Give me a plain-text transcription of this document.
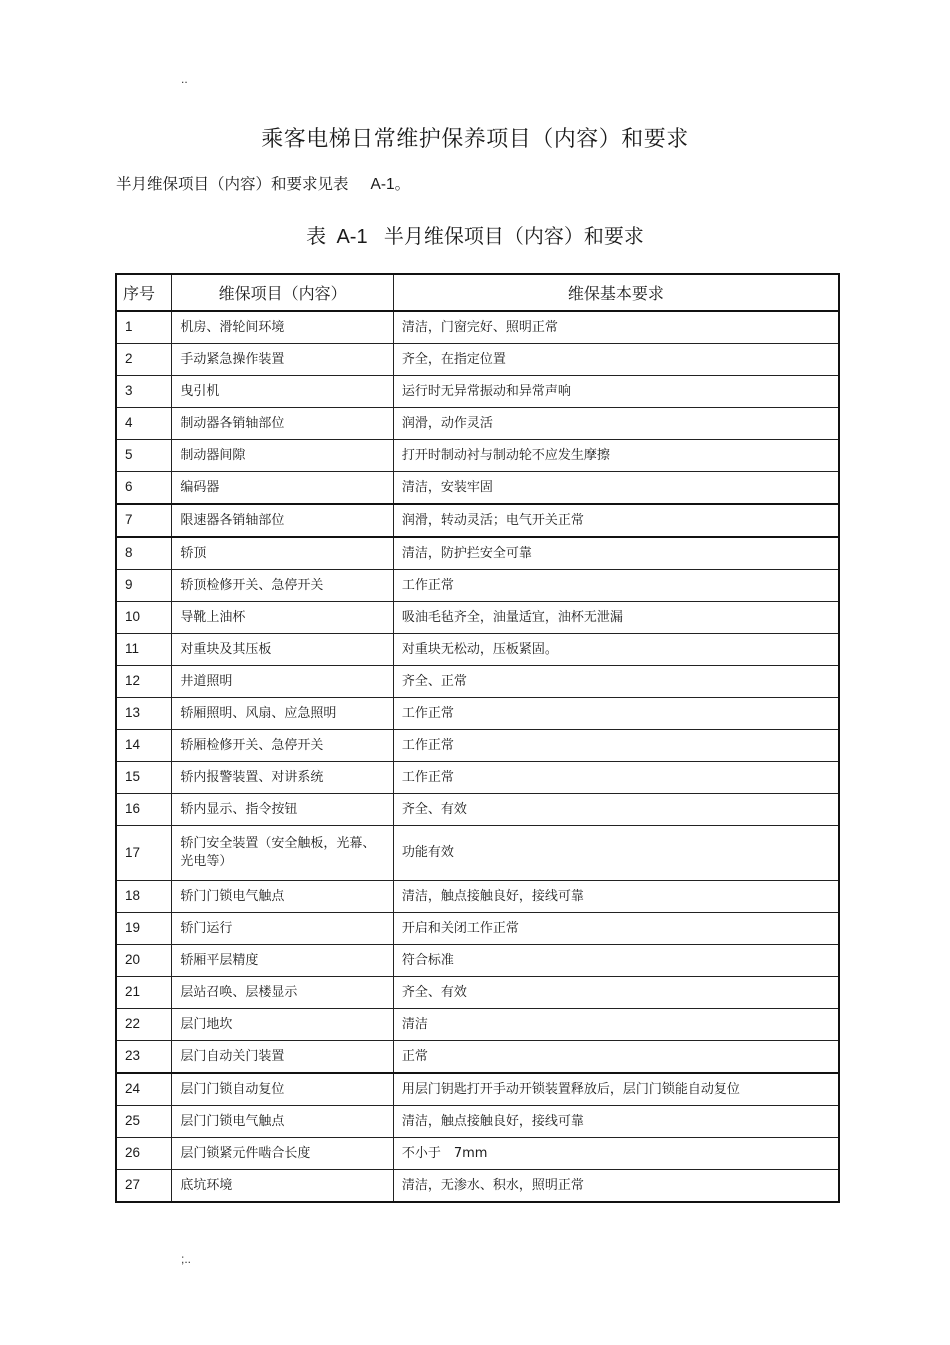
..
乘客电梯日常维护保养项目（内容）和要求
半月维保项目（内容）和要求见表 A-1。
表 A-1 半月维保项目（内容）和要求
序号	维保项目（内容）	维保基本要求
1	机房、滑轮间环境	清洁，门窗完好、照明正常
2	手动紧急操作装置	齐全，在指定位置
3	曳引机	运行时无异常振动和异常声响
4	制动器各销轴部位	润滑，动作灵活
5	制动器间隙	打开时制动衬与制动轮不应发生摩擦
6	编码器	清洁，安装牢固
7	限速器各销轴部位	润滑，转动灵活；电气开关正常
8	轿顶	清洁，防护拦安全可靠
9	轿顶检修开关、急停开关	工作正常
10	导靴上油杯	吸油毛毡齐全，油量适宜，油杯无泄漏
11	对重块及其压板	对重块无松动，压板紧固。
12	井道照明	齐全、正常
13	轿厢照明、风扇、应急照明	工作正常
14	轿厢检修开关、急停开关	工作正常
15	轿内报警装置、对讲系统	工作正常
16	轿内显示、指令按钮	齐全、有效
17	轿门安全装置（安全触板，光幕、光电等）	功能有效
18	轿门门锁电气触点	清洁，触点接触良好，接线可靠
19	轿门运行	开启和关闭工作正常
20	轿厢平层精度	符合标准
21	层站召唤、层楼显示	齐全、有效
22	层门地坎	清洁
23	层门自动关门装置	正常
24	层门门锁自动复位	用层门钥匙打开手动开锁装置释放后，层门门锁能自动复位
25	层门门锁电气触点	清洁，触点接触良好，接线可靠
26	层门锁紧元件啮合长度	不小于　7mm
27	底坑环境	清洁，无渗水、积水，照明正常
;..
